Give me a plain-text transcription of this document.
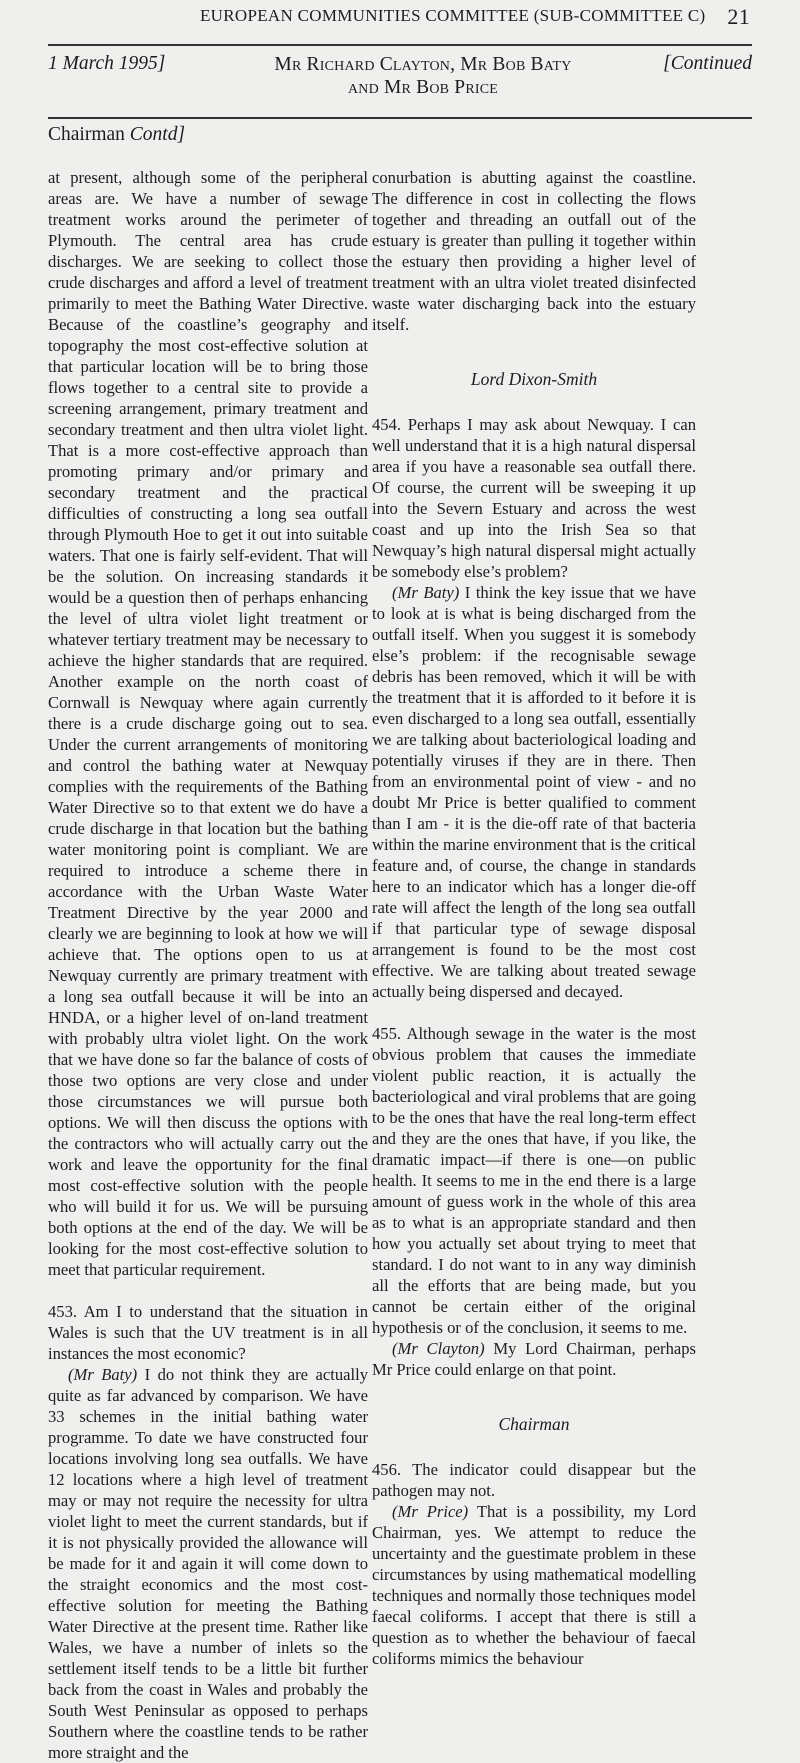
EUROPEAN COMMUNITIES COMMITTEE (SUB-COMMITTEE C) 21
1 March 1995]	Mr Richard Clayton, Mr Bob Baty
and Mr Bob Price
[Continued
Chairman Contd]

at present, although some of the peripheral areas are. We have a number of sewage treatment works around the perimeter of Plymouth. The central area has crude discharges. We are seeking to collect those crude discharges and afford a level of treatment primarily to meet the Bathing Water Directive. Because of the coastline’s geography and topography the most cost-effective solution at that particular location will be to bring those flows together to a central site to provide a screening arrangement, primary treatment and secondary treatment and then ultra violet light. That is a more cost-effective approach than promoting primary and/or primary and secondary treatment and the practical difficulties of constructing a long sea outfall through Plymouth Hoe to get it out into suitable waters. That one is fairly self-evident. That will be the solution. On increasing standards it would be a question then of perhaps enhancing the level of ultra violet light treatment or whatever tertiary treatment may be necessary to achieve the higher standards that are required. Another example on the north coast of Cornwall is Newquay where again currently there is a crude discharge going out to sea. Under the current arrangements of monitoring and control the bathing water at Newquay complies with the requirements of the Bathing Water Directive so to that extent we do have a crude discharge in that location but the bathing water monitoring point is compliant. We are required to introduce a scheme there in accordance with the Urban Waste Water Treatment Directive by the year 2000 and clearly we are beginning to look at how we will achieve that. The options open to us at Newquay currently are primary treatment with a long sea outfall because it will be into an HNDA, or a higher level of on-land treatment with probably ultra violet light. On the work that we have done so far the balance of costs of those two options are very close and under those circumstances we will pursue both options. We will then discuss the options with the contractors who will actually carry out the work and leave the opportunity for the final most cost-effective solution with the people who will build it for us. We will be pursuing both options at the end of the day. We will be looking for the most cost-effective solution to meet that particular requirement.

453. Am I to understand that the situation in Wales is such that the UV treatment is in all instances the most economic?

(Mr Baty) I do not think they are actually quite as far advanced by comparison. We have 33 schemes in the initial bathing water programme. To date we have constructed four locations involving long sea outfalls. We have 12 locations where a high level of treatment may or may not require the necessity for ultra violet light to meet the current standards, but if it is not physically provided the allowance will be made for it and again it will come down to the straight economics and the most cost-effective solution for meeting the Bathing Water Directive at the present time. Rather like Wales, we have a number of inlets so the settlement itself tends to be a little bit further back from the coast in Wales and probably the South West Peninsular as opposed to perhaps Southern where the coastline tends to be rather more straight and the

conurbation is abutting against the coastline. The difference in cost in collecting the flows together and threading an outfall out of the estuary is greater than pulling it together within the estuary then providing a higher level of treatment with an ultra violet treated disinfected waste water discharging back into the estuary itself.

Lord Dixon-Smith

454. Perhaps I may ask about Newquay. I can well understand that it is a high natural dispersal area if you have a reasonable sea outfall there. Of course, the current will be sweeping it up into the Severn Estuary and across the west coast and up into the Irish Sea so that Newquay’s high natural dispersal might actually be somebody else’s problem?

(Mr Baty) I think the key issue that we have to look at is what is being discharged from the outfall itself. When you suggest it is somebody else’s problem: if the recognisable sewage debris has been removed, which it will be with the treatment that it is afforded to it before it is even discharged to a long sea outfall, essentially we are talking about bacteriological loading and potentially viruses if they are in there. Then from an environmental point of view - and no doubt Mr Price is better qualified to comment than I am - it is the die-off rate of that bacteria within the marine environment that is the critical feature and, of course, the change in standards here to an indicator which has a longer die-off rate will affect the length of the long sea outfall if that particular type of sewage disposal arrangement is found to be the most cost effective. We are talking about treated sewage actually being dispersed and decayed.

455. Although sewage in the water is the most obvious problem that causes the immediate violent public reaction, it is actually the bacteriological and viral problems that are going to be the ones that have the real long-term effect and they are the ones that have, if you like, the dramatic impact—if there is one—on public health. It seems to me in the end there is a large amount of guess work in the whole of this area as to what is an appropriate standard and then how you actually set about trying to meet that standard. I do not want to in any way diminish all the efforts that are being made, but you cannot be certain either of the original hypothesis or of the conclusion, it seems to me.

(Mr Clayton) My Lord Chairman, perhaps Mr Price could enlarge on that point.

Chairman

456. The indicator could disappear but the pathogen may not.

(Mr Price) That is a possibility, my Lord Chairman, yes. We attempt to reduce the uncertainty and the guestimate problem in these circumstances by using mathematical modelling techniques and normally those techniques model faecal coliforms. I accept that there is still a question as to whether the behaviour of faecal coliforms mimics the behaviour
